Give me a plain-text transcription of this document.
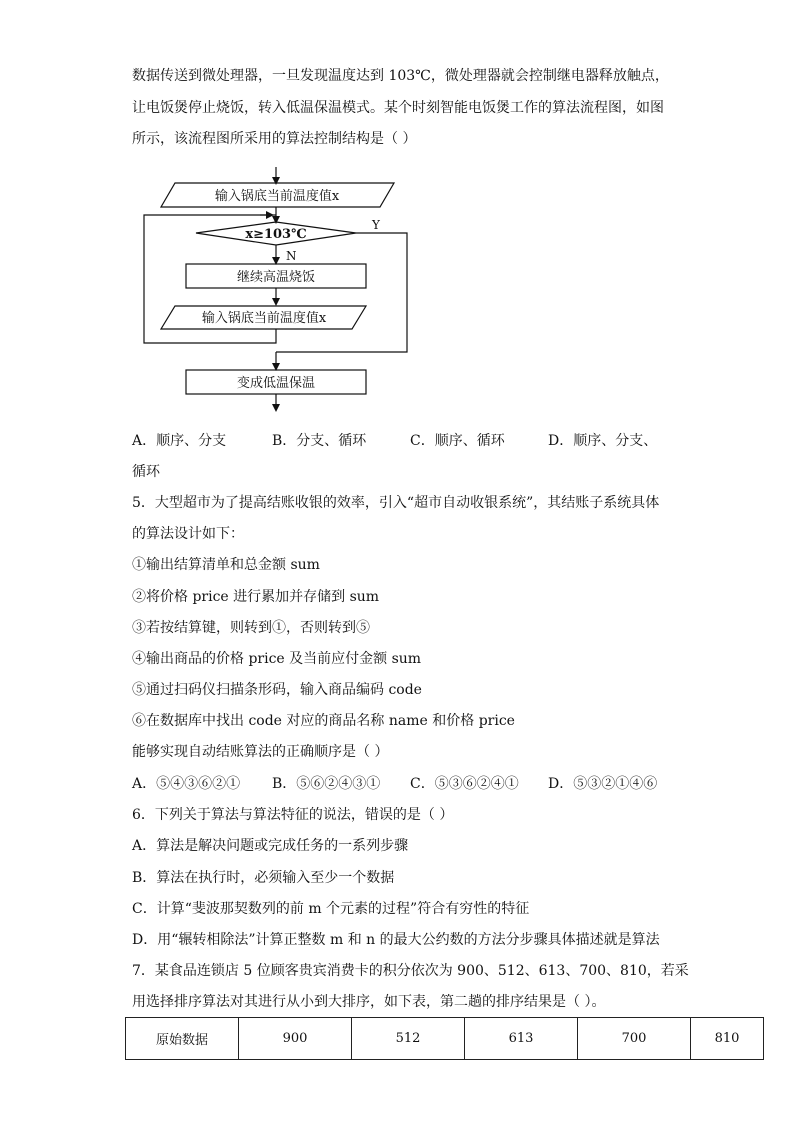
数据传送到微处理器，一旦发现温度达到 103℃，微处理器就会控制继电器释放触点，
让电饭煲停止烧饭，转入低温保温模式。某个时刻智能电饭煲工作的算法流程图，如图
所示，该流程图所采用的算法控制结构是（ ）
输入锅底当前温度值x
x≥103℃
继续高温烧饭
输入锅底当前温度值x
变成低温保温
Y
N
A．顺序、分支	B．分支、循环	C．顺序、循环	D．顺序、分支、
循环
5．大型超市为了提高结账收银的效率，引入“超市自动收银系统”，其结账子系统具体
的算法设计如下：
①输出结算清单和总金额 sum
②将价格 price 进行累加并存储到 sum
③若按结算键，则转到①，否则转到⑤
④输出商品的价格 price 及当前应付金额 sum
⑤通过扫码仪扫描条形码，输入商品编码 code
⑥在数据库中找出 code 对应的商品名称 name 和价格 price
能够实现自动结账算法的正确顺序是（ ）
A．⑤④③⑥②① B．⑤⑥②④③① C．⑤③⑥②④① D．⑤③②①④⑥
6．下列关于算法与算法特征的说法，错误的是（ ）
A．算法是解决问题或完成任务的一系列步骤
B．算法在执行时，必须输入至少一个数据
C．计算“斐波那契数列的前 m 个元素的过程”符合有穷性的特征
D．用“辗转相除法”计算正整数 m 和 n 的最大公约数的方法分步骤具体描述就是算法
7．某食品连锁店 5 位顾客贵宾消费卡的积分依次为 900、512、613、700、810，若采
用选择排序算法对其进行从小到大排序，如下表，第二趟的排序结果是（ ）。
原始数据	900	512	613	700	810
